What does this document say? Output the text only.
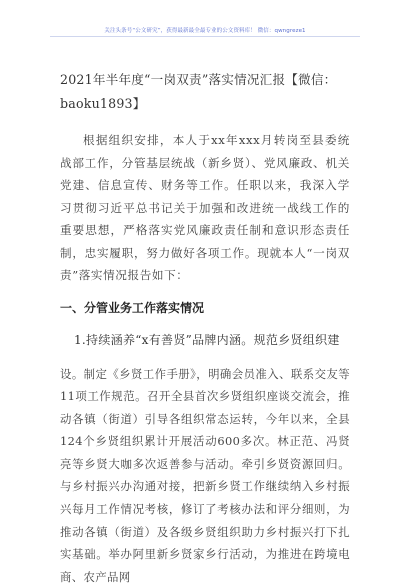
关注头条号“公文研究”，获得最新最全最专业的公文资料库！ 微信：qwngreze1

2021年半年度“一岗双责”落实情况汇报【微信：baoku1893】

根据组织安排，本人于xx年xxx月转岗至县委统战部工作，分管基层统战（新乡贤）、党风廉政、机关党建、信息宣传、财务等工作。任职以来，我深入学习贯彻习近平总书记关于加强和改进统一战线工作的重要思想，严格落实党风廉政责任制和意识形态责任制，忠实履职，努力做好各项工作。现就本人“一岗双责”落实情况报告如下：

一、分管业务工作落实情况

1.持续涵养“x有善贤”品牌内涵。规范乡贤组织建

设。制定《乡贤工作手册》，明确会员准入、联系交友等11项工作规范。召开全县首次乡贤组织座谈交流会，推动各镇（街道）引导各组织常态运转，今年以来，全县124个乡贤组织累计开展活动600多次。林正范、冯贤亮等乡贤大咖多次返善参与活动。牵引乡贤资源回归。与乡村振兴办沟通对接，把新乡贤工作继续纳入乡村振兴每月工作情况考核，修订了考核办法和评分细则，为推动各镇（街道）及各级乡贤组织助力乡村振兴打下扎实基础。举办阿里新乡贤家乡行活动，为推进在跨境电商、农产品网
